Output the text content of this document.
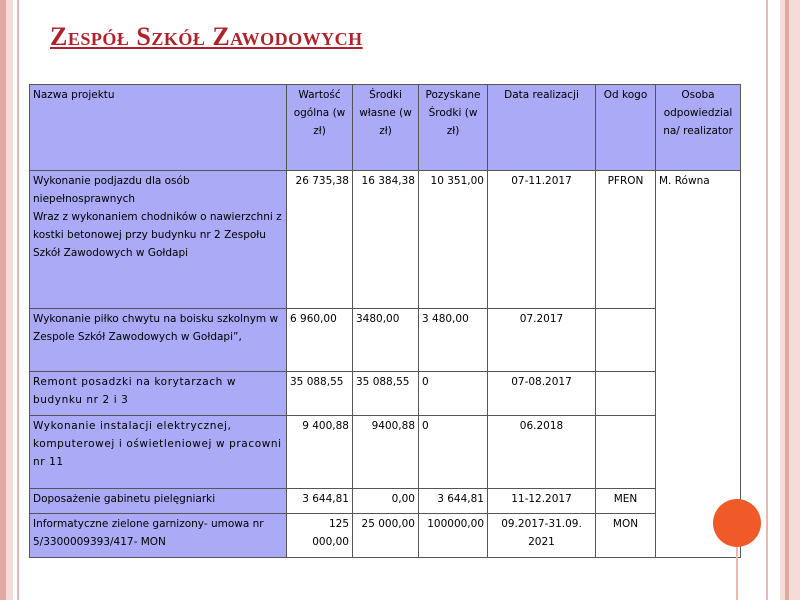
Zespół Szkół Zawodowych
Nazwa projektu	Wartość ogólna (w zł)	Środki własne (w zł)	Pozyskane Środki (w zł)	Data realizacji	Od kogo	Osoba odpowiedzial na/ realizator

Wykonanie podjazdu dla osób niepełnosprawnych
Wraz z wykonaniem chodników o nawierzchni z kostki betonowej przy budynku nr 2 Zespołu Szkół Zawodowych w Gołdapi	26 735,38	16 384,38	10 351,00	07-11.2017	PFRON	M. Równa
Wykonanie piłko chwytu na boisku szkolnym w Zespole Szkół Zawodowych w Gołdapi”,	6 960,00	3480,00	3 480,00	07.2017		
Remont posadzki na korytarzach w budynku nr 2 i 3	35 088,55	35 088,55	0	07-08.2017		
Wykonanie instalacji elektrycznej, komputerowej i oświetleniowej w pracowni nr 11	9 400,88	9400,88	0	06.2018		
Doposażenie gabinetu pielęgniarki	3 644,81	0,00	3 644,81	11-12.2017	MEN	
Informatyczne zielone garnizony- umowa nr 5/3300009393/417- MON	125 000,00	25 000,00	100000,00	09.2017-31.09. 2021	MON	
